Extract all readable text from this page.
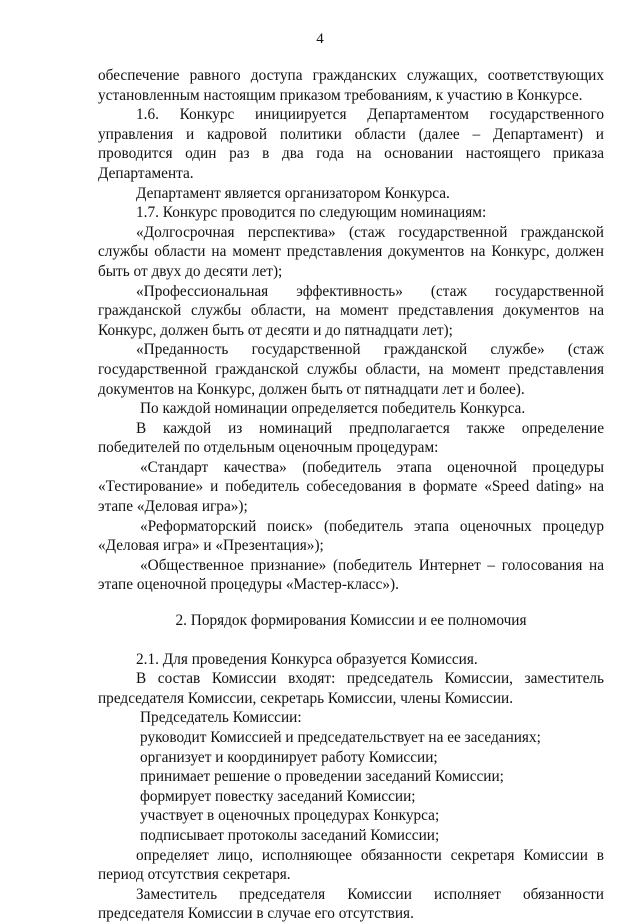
4

обеспечение равного доступа гражданских служащих, соответствующих установленным настоящим приказом требованиям, к участию в Конкурсе.

1.6. Конкурс инициируется Департаментом государственного управления и кадровой политики области (далее – Департамент) и проводится один раз в два года на основании настоящего приказа Департамента.

Департамент является организатором Конкурса.

1.7. Конкурс проводится по следующим номинациям:

«Долгосрочная перспектива» (стаж государственной гражданской службы области на момент представления документов на Конкурс, должен быть от двух до десяти лет);

«Профессиональная эффективность» (стаж государственной гражданской службы области, на момент представления документов на Конкурс, должен быть от десяти и до пятнадцати лет);

«Преданность государственной гражданской службе» (стаж государственной гражданской службы области, на момент представления документов на Конкурс, должен быть от пятнадцати лет и более).

По каждой номинации определяется победитель Конкурса.

В каждой из номинаций предполагается также определение победителей по отдельным оценочным процедурам:

«Стандарт качества» (победитель этапа оценочной процедуры «Тестирование» и победитель собеседования в формате «Speed dating» на этапе «Деловая игра»);

«Реформаторский поиск» (победитель этапа оценочных процедур «Деловая игра» и «Презентация»);

«Общественное признание» (победитель Интернет – голосования на этапе оценочной процедуры «Мастер-класс»).

2. Порядок формирования Комиссии и ее полномочия

2.1. Для проведения Конкурса образуется Комиссия.

В состав Комиссии входят: председатель Комиссии, заместитель председателя Комиссии, секретарь Комиссии, члены Комиссии.

Председатель Комиссии:

руководит Комиссией и председательствует на ее заседаниях;

организует и координирует работу Комиссии;

принимает решение о проведении заседаний Комиссии;

формирует повестку заседаний Комиссии;

участвует в оценочных процедурах Конкурса;

подписывает протоколы заседаний Комиссии;

определяет лицо, исполняющее обязанности секретаря Комиссии в период отсутствия секретаря.

Заместитель председателя Комиссии исполняет обязанности председателя Комиссии в случае его отсутствия.
